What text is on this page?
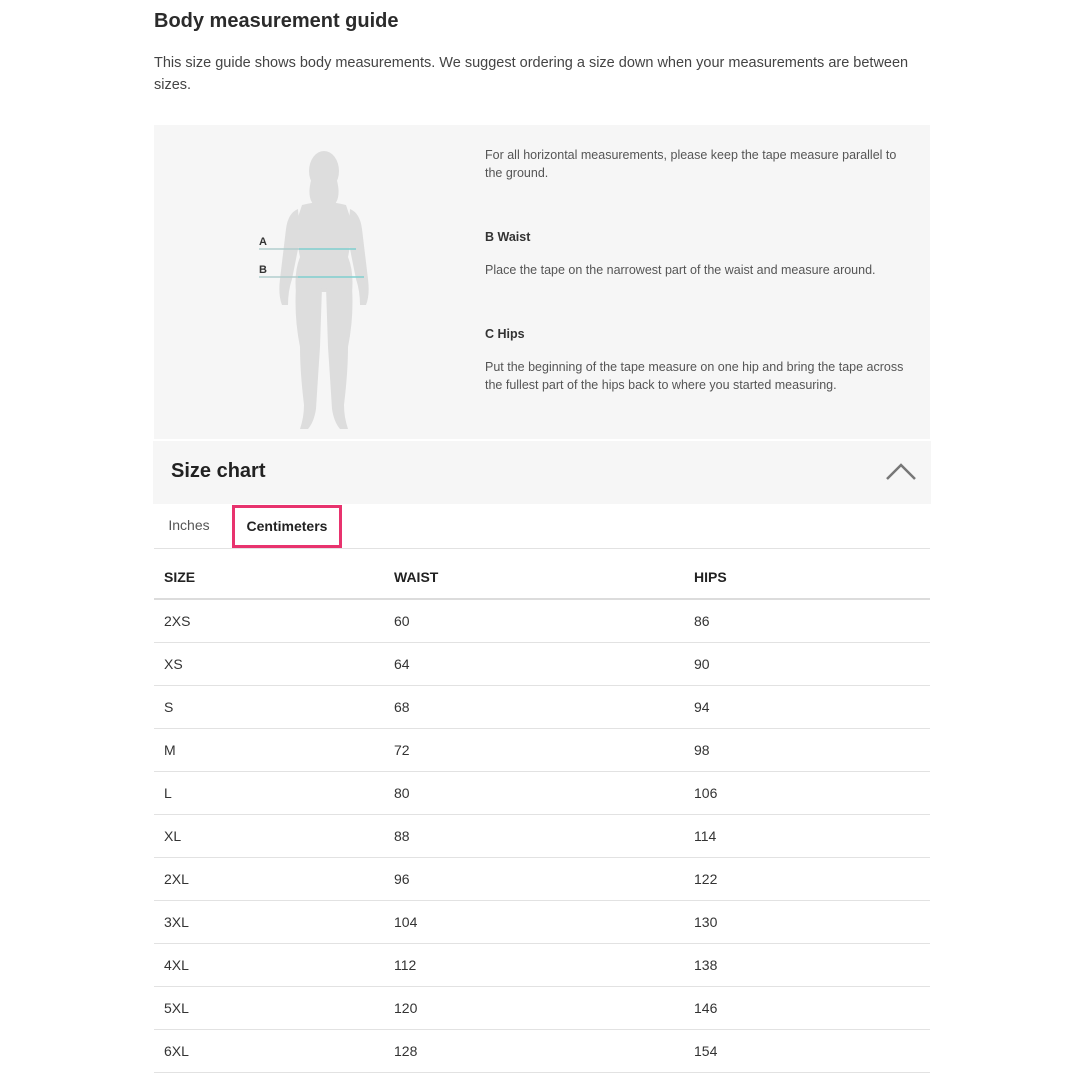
Body measurement guide

This size guide shows body measurements. We suggest ordering a size down when your measurements are between sizes.

A
B

For all horizontal measurements, please keep the tape measure parallel to the ground.

B Waist

Place the tape on the narrowest part of the waist and measure around.

C Hips

Put the beginning of the tape measure on one hip and bring the tape across the fullest part of the hips back to where you started measuring.

Size chart
Inches	Centimeters
SIZE	WAIST	HIPS
2XS	60	86
XS	64	90
S	68	94
M	72	98
L	80	106
XL	88	114
2XL	96	122
3XL	104	130
4XL	112	138
5XL	120	146
6XL	128	154
